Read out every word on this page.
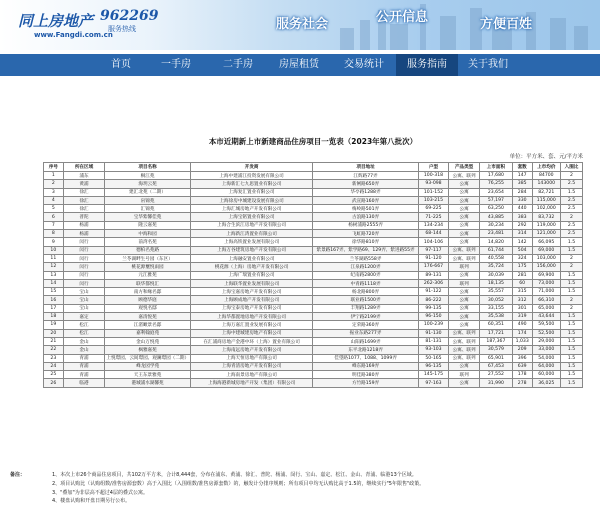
同上房地产
www.Fangdi.com.cn
962269
服务热线	服务社会	公开信息	方便百姓
首页	一手房	二手房	房屋租赁	交易统计	服务指南	关于我们
本市近期新上市新建商品住房项目一览表（2023年第八批次）
单位：平方米、套、元/平方米
序号	所在区域	项目名称	开发商	项目地址	户型	产品类型	上市面积	套数	上市均价	入围比
1	浦东	桐江苑	上海中建浦江投资发展有限公司	江辉路77弄	100-318	公寓、联列	17,680	147	84700	2
2	黄浦	海玥云苑	上海新汇七九思置业有限公司	新闸路650弄	93-098	公寓	76,255	385	143000	2.5
3	徐汇	建汇北苑（二期）	上海复汇置业有限公司	华亭路1288弄	101-152	公寓	23,654	284	82,721	1.5
4	徐汇	帛锦苑	上海徐房中城建设发展有限公司	武宣路160弄	103-215	公寓	57,197	330	115,000	2.5
5	徐汇	汇锦苑	上海汇城房地产开发有限公司	梅岭路501弄	69-225	公寓	63,250	440	102,000	2.5
6	普陀	宝华紫馨佳苑	上海宝铭置业有限公司	古浪路130弄	71-225	公寓	43,885	383	83,732	2
7	杨浦	隆云嘉苑	上海合生滨江房地产开发有限公司	杨树浦路2555弄	134-234	公寓	30,234	292	119,000	2.5
8	杨浦	中海和园	上海新江湾置业有限公司	飞虹路720弄	68-144	公寓	23,481	314	121,000	2.5
9	闵行	前湾名苑	上海高铁置业发展有限公司	徐华路810弄	104-106	公寓	14,820	142	66,095	1.5
10	闵行	德柏名苑路	上海万谷建筑房地产开发有限公司	紫景路167弄、紫学路69、129弄、紫进路55弄	97-117	公寓、联列	61,744	504	69,000	1.5
11	闵行	兰苓湖畔生号园（东区）	上海融安置业有限公司	兰苓湖路558弄	91-120	公寓、联列	40,558	324	103,000	2
12	闵行	桃花源璽悦雨园	桃花源（上海）房地产开发有限公司	江泉路1200弄	176-667	联列	35,724	175	156,000	2
13	闵行	元江雅苑	上海广瑞置业有限公司	纪南路2800弄	89-131	公寓	30,039	281	69,900	1.5
14	闵行	联华都悦汇	上海联华置业发展有限公司	中青路1118弄	262-306	联列	18,135	60	73,000	1.5
15	宝山	南方和缘名邸	上海宝嘉房地产开发有限公司	杨北路800弄	91-122	公寓	35,557	315	71,000	1.5
16	宝山	顾德华庭	上海顾成地产开发有限公司	联业路1500弄	86-222	公寓	30,052	312	66,310	2
17	宝山	观悦名邸	上海宝泰房地产开发有限公司	丰翔路1289弄	99-135	公寓	33,155	301	65,000	2
18	嘉定	嘉清悦苑	上海华都置地房地产开发有限公司	伊宁路2199弄	96-150	公寓	35,538	319	43,644	1.5
19	松江	江渚瞰景名邸	上海万嘉汇置业发展有限公司	定荣路360弄	100-239	公寓	60,351	490	59,500	1.5
20	松江	嘉利翰庭苑	上海中建城建房地产有限公司	振业东路277弄	91-130	公寓、联列	17,721	174	52,500	1.5
21	金山	金山万悦苑	在汇浦商房地产金港中环（上海）置业有限公司	山阳路1699弄	81-131	公寓、联列	187,367	1,033	29,000	1.5
22	金山	枫雅嘉苑	上海南远房地产开发有限公司	东平北路1218弄	93-103	公寓、联列	30,579	209	33,000	1.5
23	青浦	上悦璟园、云间璟园、观澜璟园（二期）	上海天恒房地产有限公司	佳望路1077、1088、1099弄	50-165	公寓、联列	65,901	396	54,000	1.5
24	青浦	峰龙园学苑	上海青清房地产开发有限公司	峰东路169弄	96-135	公寓	67,453	639	64,000	1.5
25	青浦	天王东景雅苑	上海南景房地产有限公司	明佳路380弄	145-175	联列	27,552	178	60,000	1.5
26	临港	港城浦水湖馨苑	上海海港新城房地产开发（集团）有限公司	方竹路159弄	97-163	公寓	31,990	278	36,025	1.5
备注：	1、本次上市26个商品住房项目，共102万平方米，合计8,444套，分布在浦东、黄浦、徐汇、普陀、杨浦、闵行、宝山、嘉定、松江、金山、青浦、临港13个区域。
2、项目认购比（认购组数/准售房源套数）高于入围比（入围组数/准售房源套数）的，触发计分排序规则；所有项目中均无认购比高于1.5的，继续实行"5年限售"政策。
3、"叠加"为非层高不超过4层的叠式公寓。
4、楼盘认购和开盘日期另行公布。
